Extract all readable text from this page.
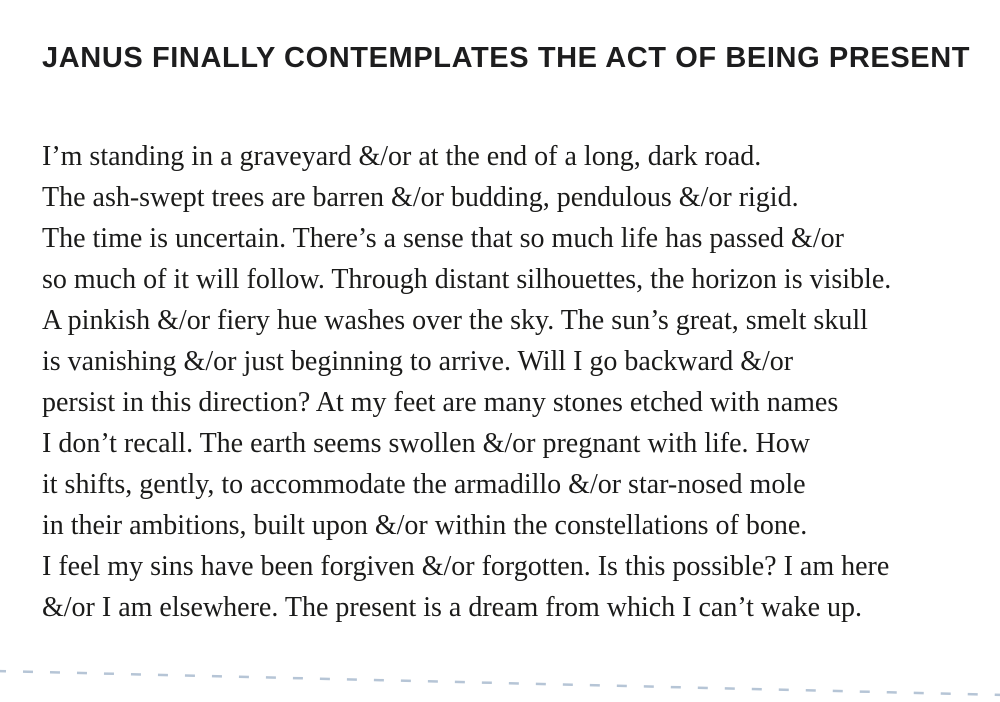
JANUS FINALLY CONTEMPLATES THE ACT OF BEING PRESENT
I’m standing in a graveyard &/or at the end of a long, dark road.
The ash-swept trees are barren &/or budding, pendulous &/or rigid.
The time is uncertain. There’s a sense that so much life has passed &/or
so much of it will follow. Through distant silhouettes, the horizon is visible.
A pinkish &/or fiery hue washes over the sky. The sun’s great, smelt skull
is vanishing &/or just beginning to arrive. Will I go backward &/or
persist in this direction? At my feet are many stones etched with names
I don’t recall. The earth seems swollen &/or pregnant with life. How
it shifts, gently, to accommodate the armadillo &/or star-nosed mole
in their ambitions, built upon &/or within the constellations of bone.
I feel my sins have been forgiven &/or forgotten. Is this possible? I am here
&/or I am elsewhere. The present is a dream from which I can’t wake up.
